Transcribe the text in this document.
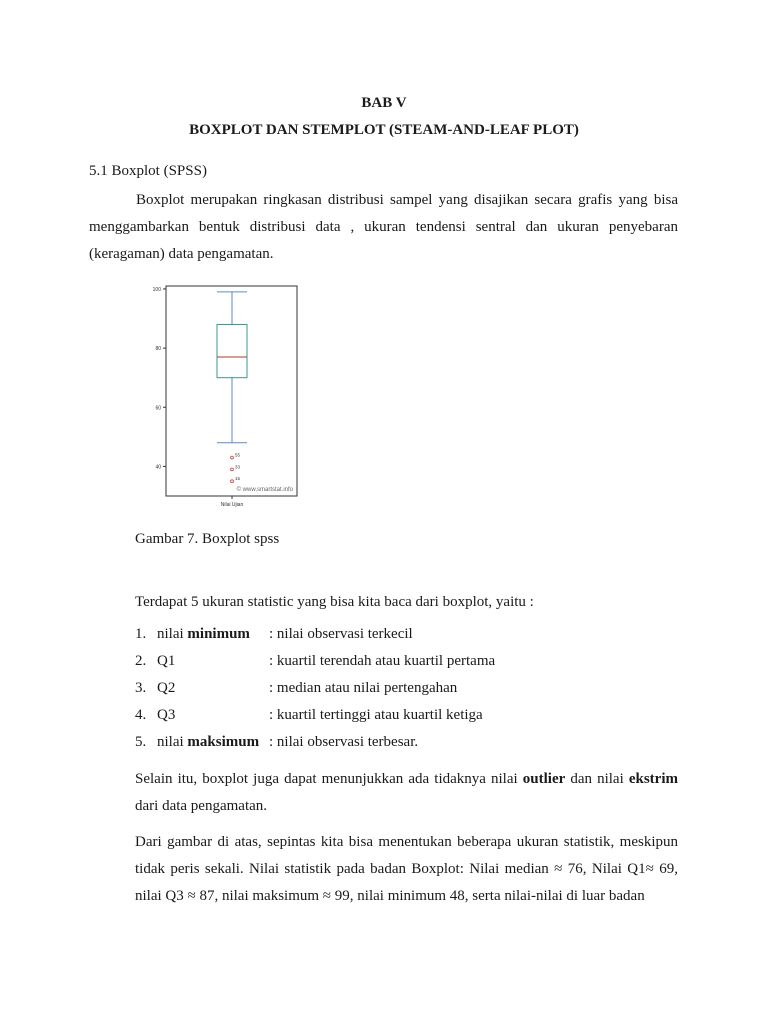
BAB V
BOXPLOT DAN STEMPLOT (STEAM-AND-LEAF PLOT)
5.1 Boxplot (SPSS)
Boxplot merupakan ringkasan distribusi sampel yang disajikan secara grafis yang bisa menggambarkan bentuk distribusi data , ukuran tendensi sentral dan ukuran penyebaran (keragaman) data pengamatan.
40
60
80
100
55
33
15
© www.smartstat.info
Nilai Ujian
Gambar 7. Boxplot spss
Terdapat 5 ukuran statistic yang bisa kita baca dari boxplot, yaitu :
1. nilai minimum : nilai observasi terkecil
2. Q1	: kuartil terendah atau kuartil pertama
3. Q2	: median atau nilai pertengahan
4. Q3	: kuartil tertinggi atau kuartil ketiga
5. nilai maksimum : nilai observasi terbesar.
Selain itu, boxplot juga dapat menunjukkan ada tidaknya nilai outlier dan nilai ekstrim dari data pengamatan.
Dari gambar di atas, sepintas kita bisa menentukan beberapa ukuran statistik, meskipun tidak peris sekali. Nilai statistik pada badan Boxplot: Nilai median ≈ 76, Nilai Q1≈ 69, nilai Q3 ≈ 87, nilai maksimum ≈ 99, nilai minimum 48, serta nilai-nilai di luar badan
